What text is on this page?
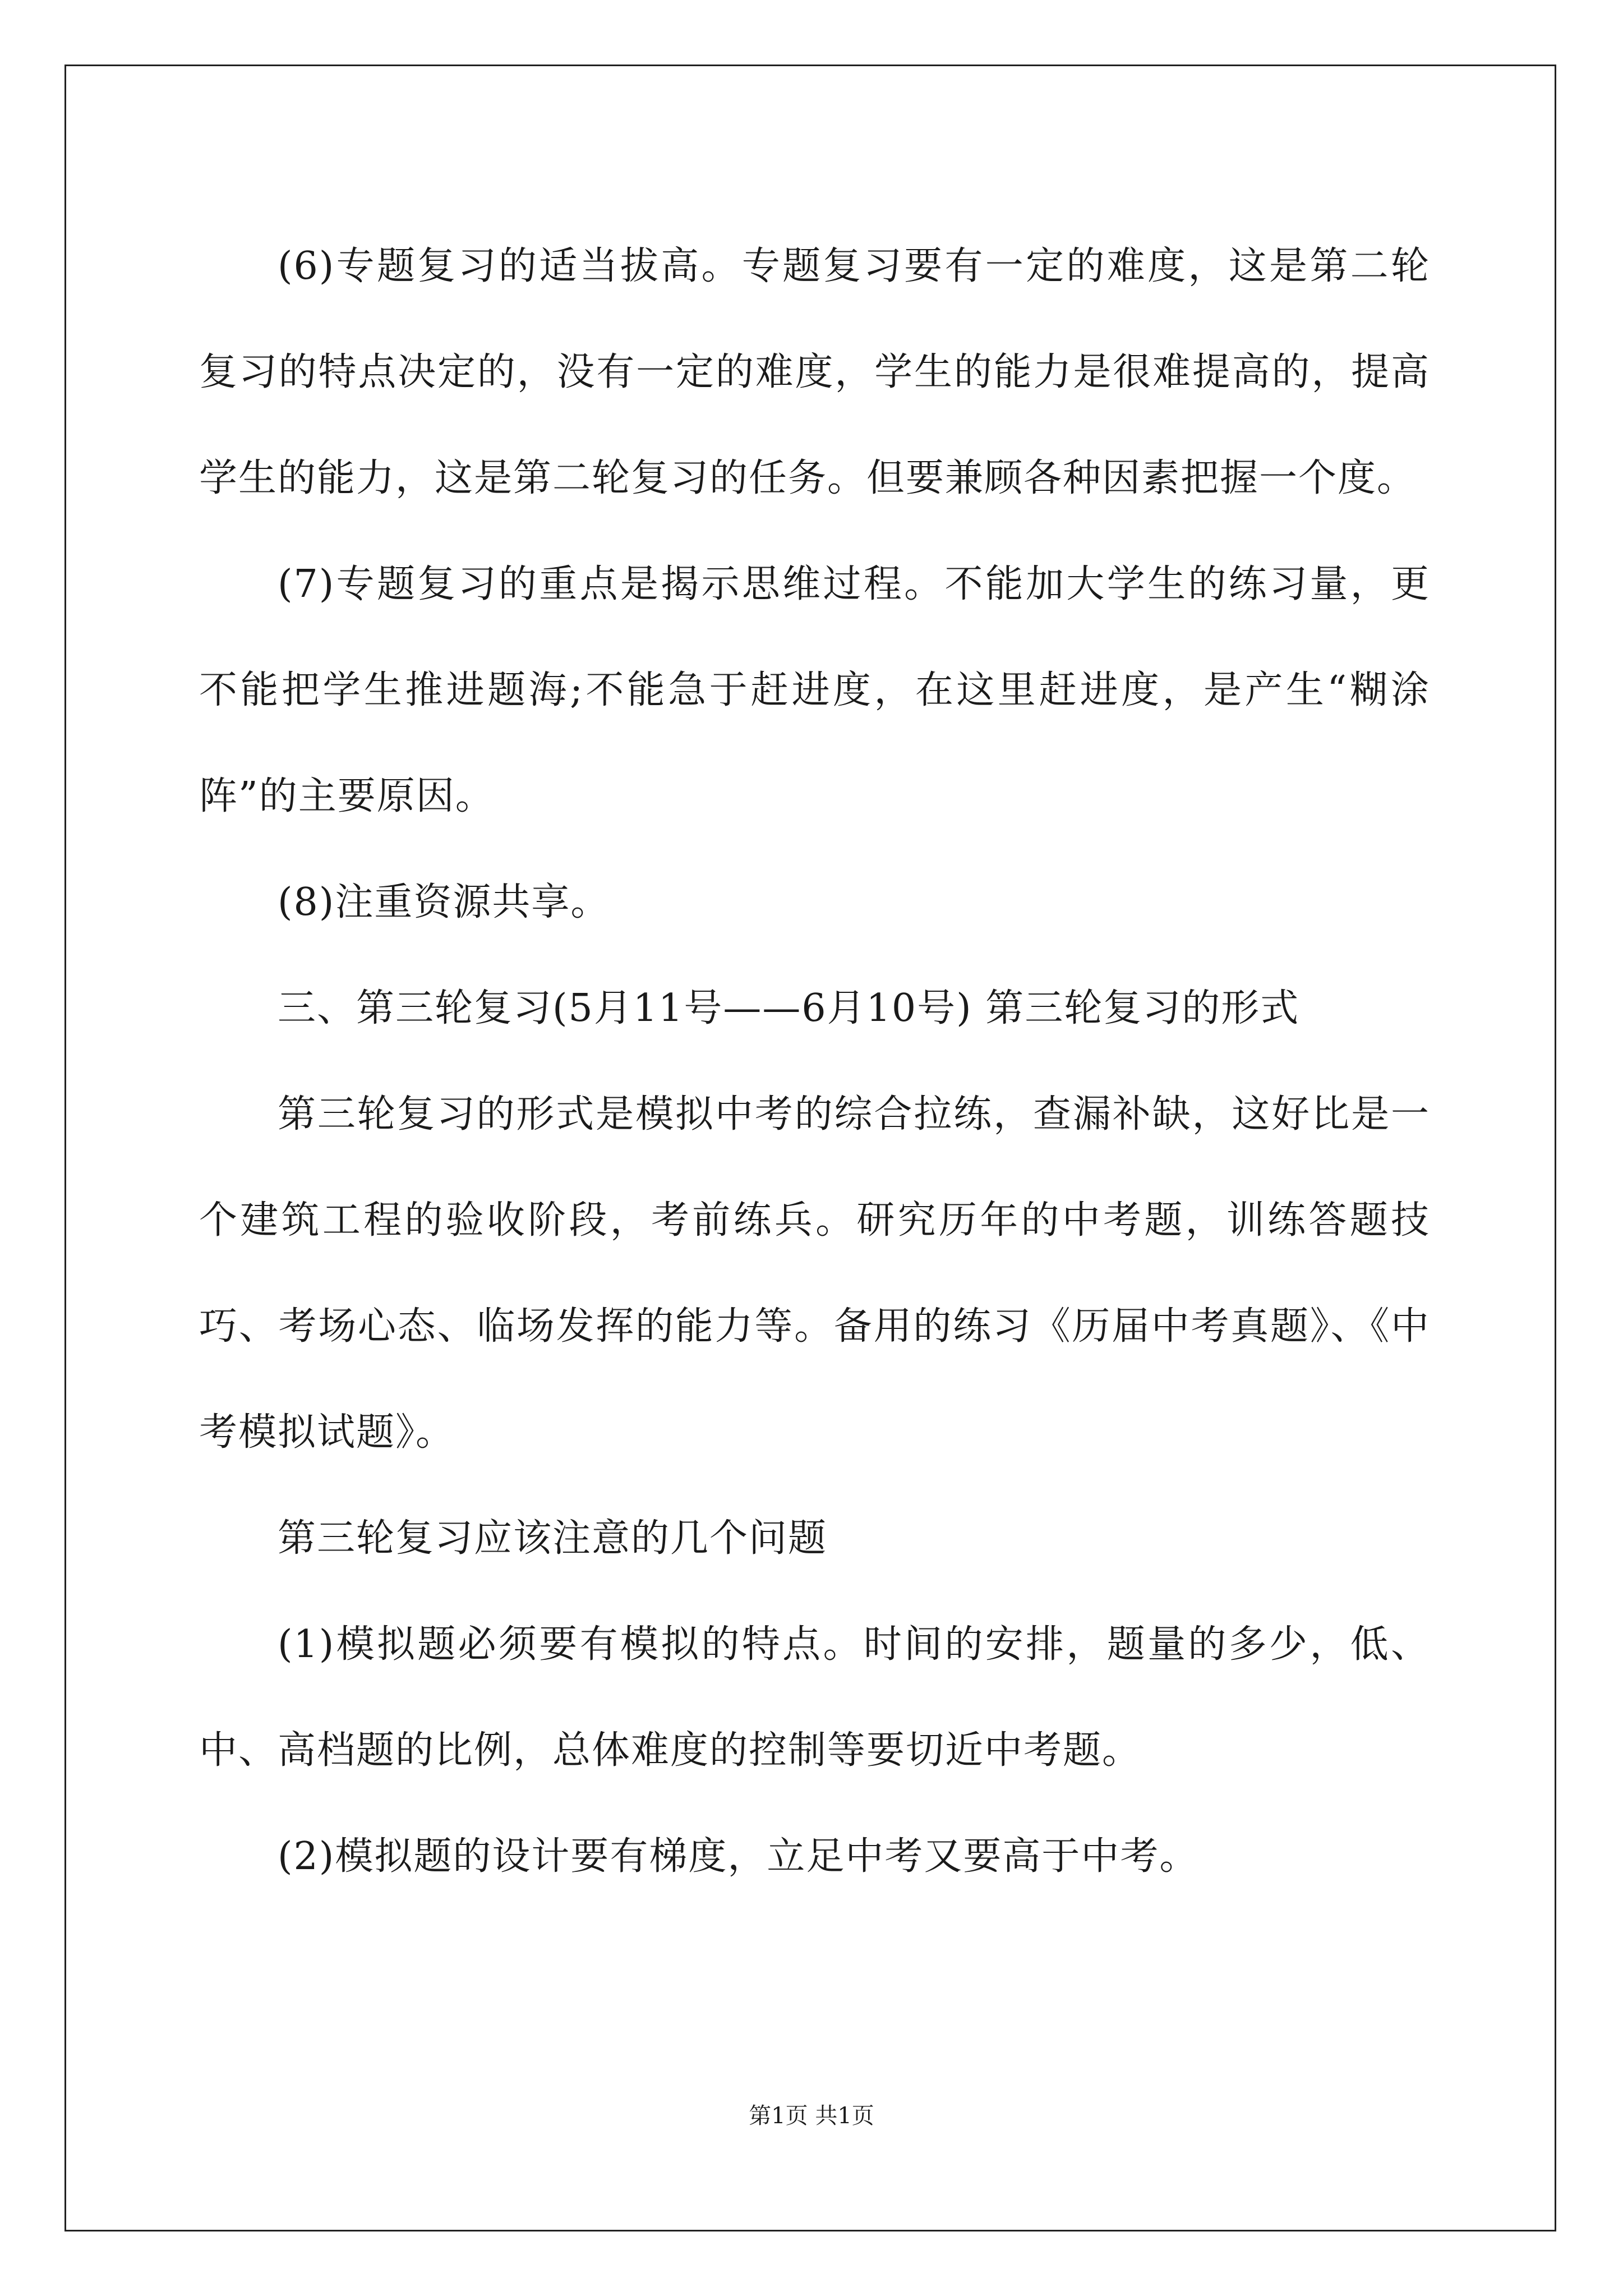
(6)专题复习的适当拔高。专题复习要有一定的难度，这是第二轮复习的特点决定的，没有一定的难度，学生的能力是很难提高的，提高学生的能力，这是第二轮复习的任务。但要兼顾各种因素把握一个度。

(7)专题复习的重点是揭示思维过程。不能加大学生的练习量，更不能把学生推进题海;不能急于赶进度，在这里赶进度，是产生“糊涂阵”的主要原因。

(8)注重资源共享。

三、第三轮复习(5月11号——6月10号) 第三轮复习的形式

第三轮复习的形式是模拟中考的综合拉练，查漏补缺，这好比是一个建筑工程的验收阶段，考前练兵。研究历年的中考题，训练答题技巧、考场心态、临场发挥的能力等。备用的练习《历届中考真题》、《中考模拟试题》。

第三轮复习应该注意的几个问题

(1)模拟题必须要有模拟的特点。时间的安排，题量的多少，低、中、高档题的比例，总体难度的控制等要切近中考题。

(2)模拟题的设计要有梯度，立足中考又要高于中考。

第1页 共1页
